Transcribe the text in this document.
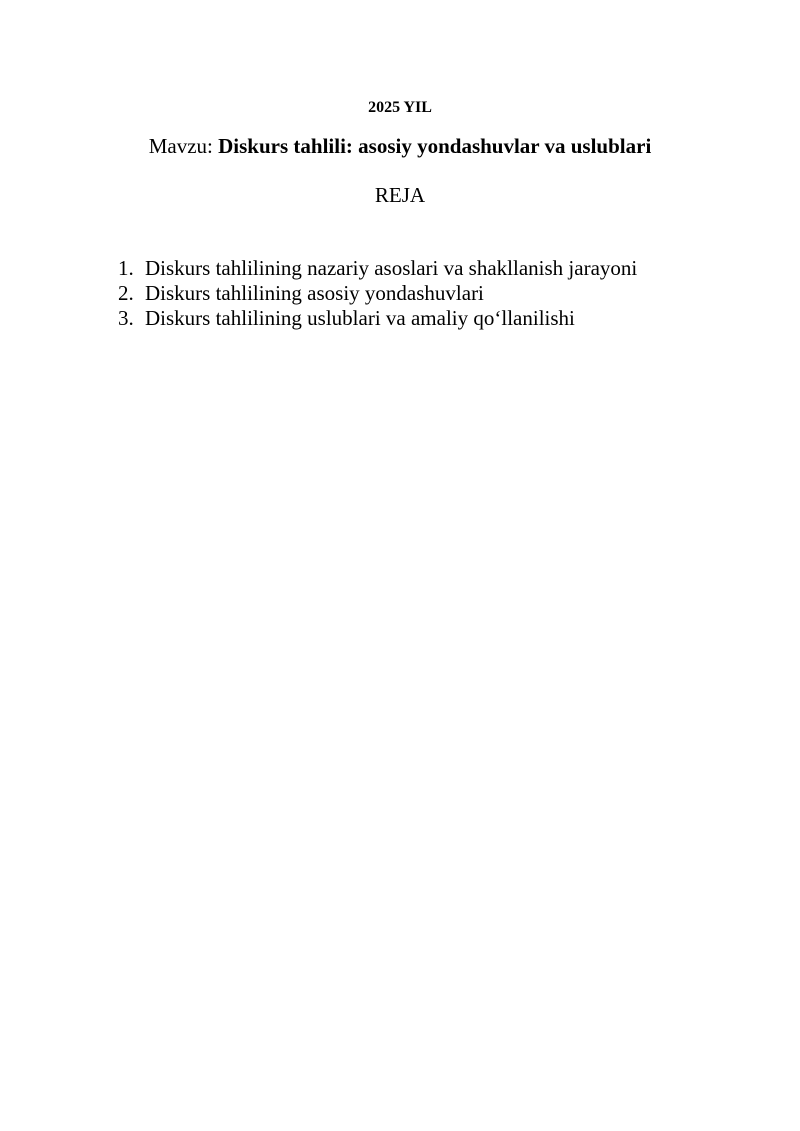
2025 YIL
Mavzu: Diskurs tahlili: asosiy yondashuvlar va uslublari
REJA
1. Diskurs tahlilining nazariy asoslari va shakllanish jarayoni
2. Diskurs tahlilining asosiy yondashuvlari
3. Diskurs tahlilining uslublari va amaliy qo‘llanilishi
